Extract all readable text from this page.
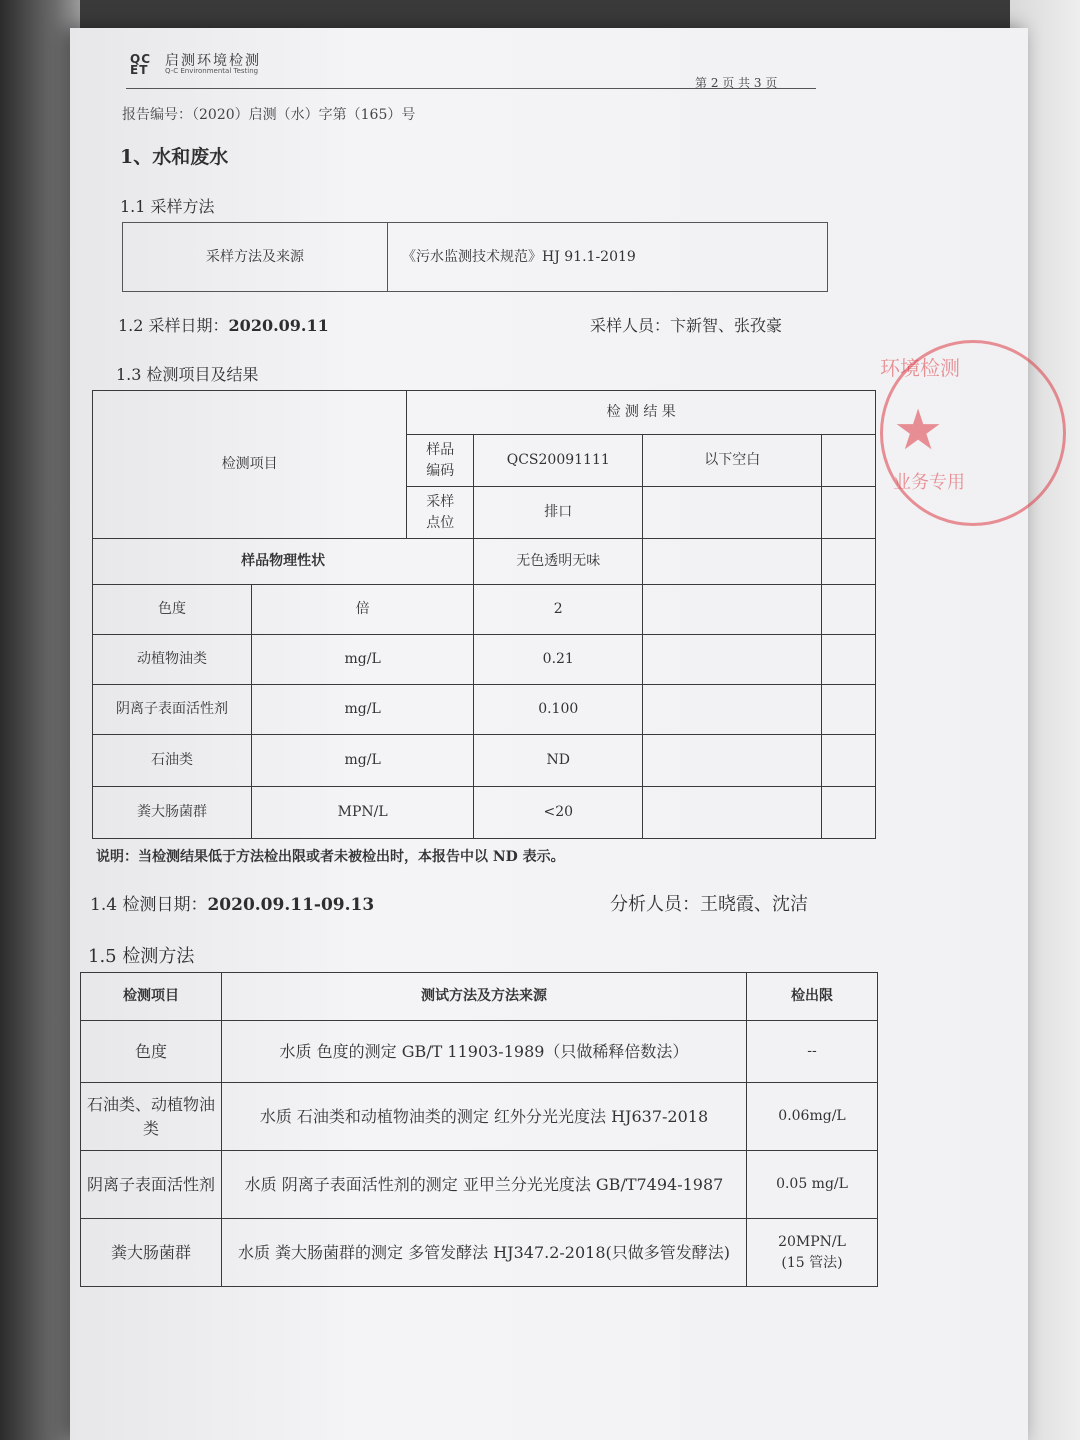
QC
ET
启测环境检测
Q-C Environmental Testing
第 2 页 共 3 页
报告编号：（2020）启测（水）字第（165）号
1、水和废水
1.1 采样方法
采样方法及来源	《污水监测技术规范》HJ 91.1-2019
1.2 采样日期：2020.09.11	采样人员：卞新智、张孜豪
1.3 检测项目及结果
检测项目		检 测 结 果			
		样品
编码	QCS20091111	以下空白	
		采样
点位	排口		
样品物理性状			无色透明无味		
色度	倍		2		
动植物油类	mg/L		0.21		
阴离子表面活性剂	mg/L		0.100		
石油类	mg/L		ND		
粪大肠菌群	MPN/L		<20		
说明：当检测结果低于方法检出限或者未被检出时，本报告中以 ND 表示。
1.4 检测日期：2020.09.11-09.13	分析人员：王晓霞、沈洁
1.5 检测方法
检测项目	测试方法及方法来源	检出限
色度	水质 色度的测定 GB/T 11903-1989（只做稀释倍数法）	--
石油类、动植物油类	水质 石油类和动植物油类的测定 红外分光光度法 HJ637-2018	0.06mg/L
阴离子表面活性剂	水质 阴离子表面活性剂的测定 亚甲兰分光光度法 GB/T7494-1987	0.05 mg/L
粪大肠菌群	水质 粪大肠菌群的测定 多管发酵法 HJ347.2-2018(只做多管发酵法)	20MPN/L
(15 管法)
环境检测
★
业务专用
